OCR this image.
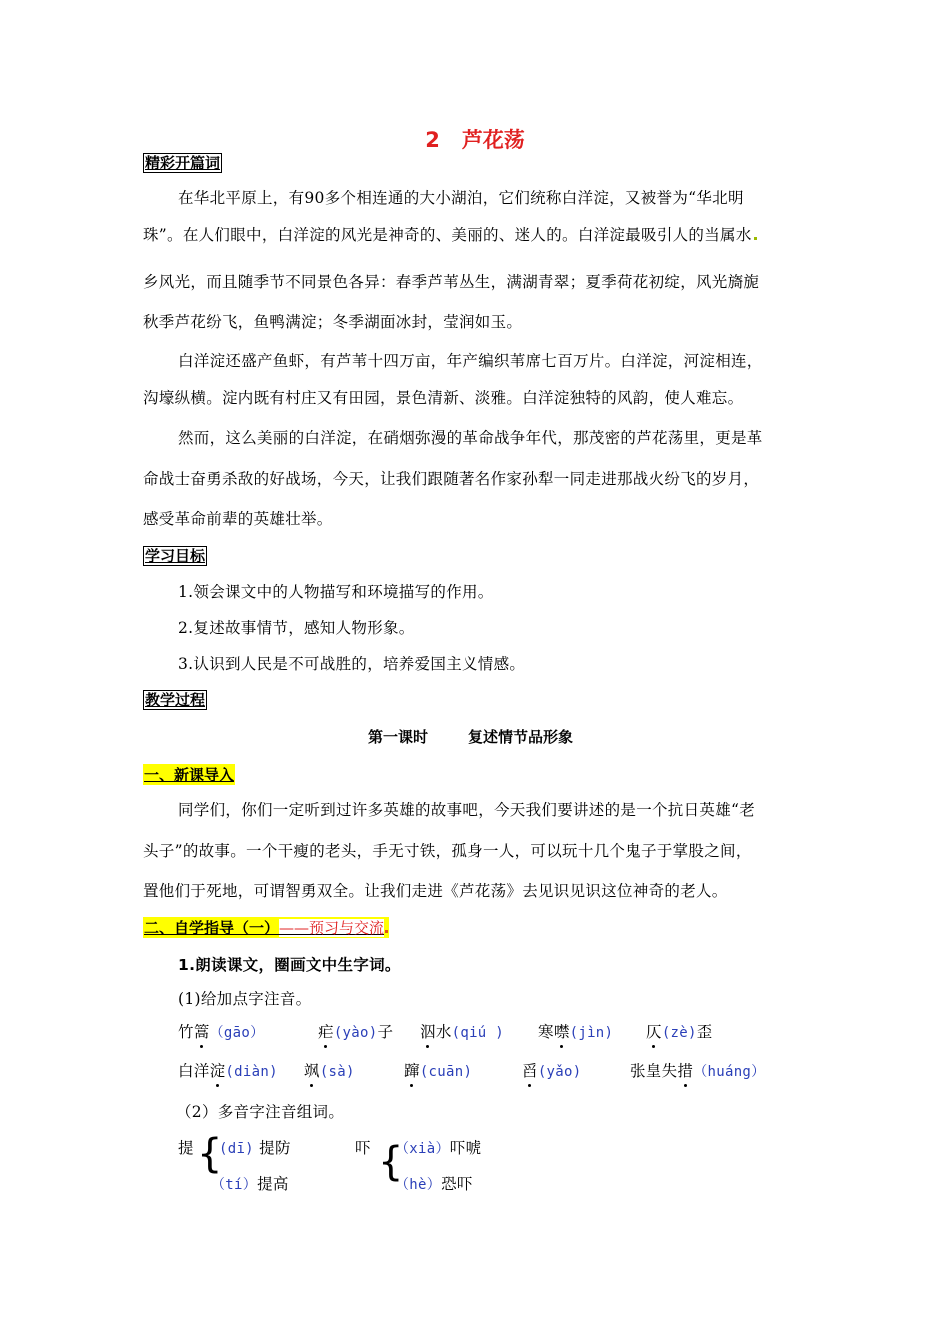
2 芦花荡
精彩开篇词
在华北平原上，有90多个相连通的大小湖泊，它们统称白洋淀，又被誉为“华北明
珠”。在人们眼中，白洋淀的风光是神奇的、美丽的、迷人的。白洋淀最吸引人的当属水
乡风光，而且随季节不同景色各异：春季芦苇丛生，满湖青翠；夏季荷花初绽，风光旖旎
秋季芦花纷飞，鱼鸭满淀；冬季湖面冰封，莹润如玉。
白洋淀还盛产鱼虾，有芦苇十四万亩，年产编织苇席七百万片。白洋淀，河淀相连，
沟壕纵横。淀内既有村庄又有田园，景色清新、淡雅。白洋淀独特的风韵，使人难忘。
然而，这么美丽的白洋淀，在硝烟弥漫的革命战争年代，那茂密的芦花荡里，更是革
命战士奋勇杀敌的好战场，今天，让我们跟随著名作家孙犁一同走进那战火纷飞的岁月，
感受革命前辈的英雄壮举。
学习目标
1.领会课文中的人物描写和环境描写的作用。
2.复述故事情节，感知人物形象。
3.认识到人民是不可战胜的，培养爱国主义情感。
教学过程
第一课时	复述情节品形象
一、新课导入
同学们，你们一定听到过许多英雄的故事吧，今天我们要讲述的是一个抗日英雄“老
头子”的故事。一个干瘦的老头，手无寸铁，孤身一人，可以玩十几个鬼子于掌股之间，
置他们于死地，可谓智勇双全。让我们走进《芦花荡》去见识见识这位神奇的老人。
二、自学指导（一）——预习与交流
1.朗读课文，圈画文中生字词。
(1)给加点字注音。
竹篙（gāo）	疟(yào)子 泅水(qiú ) 寒噤(jìn) 仄(zè)歪
白洋淀(diàn) 飒(sà)	蹿(cuān)	舀(yǎo)	张皇失措（huáng）
（2）多音字注音组词。
提 {
(dī) 提防
（tí）提高
吓 {
（xià）吓唬
（hè）恐吓
